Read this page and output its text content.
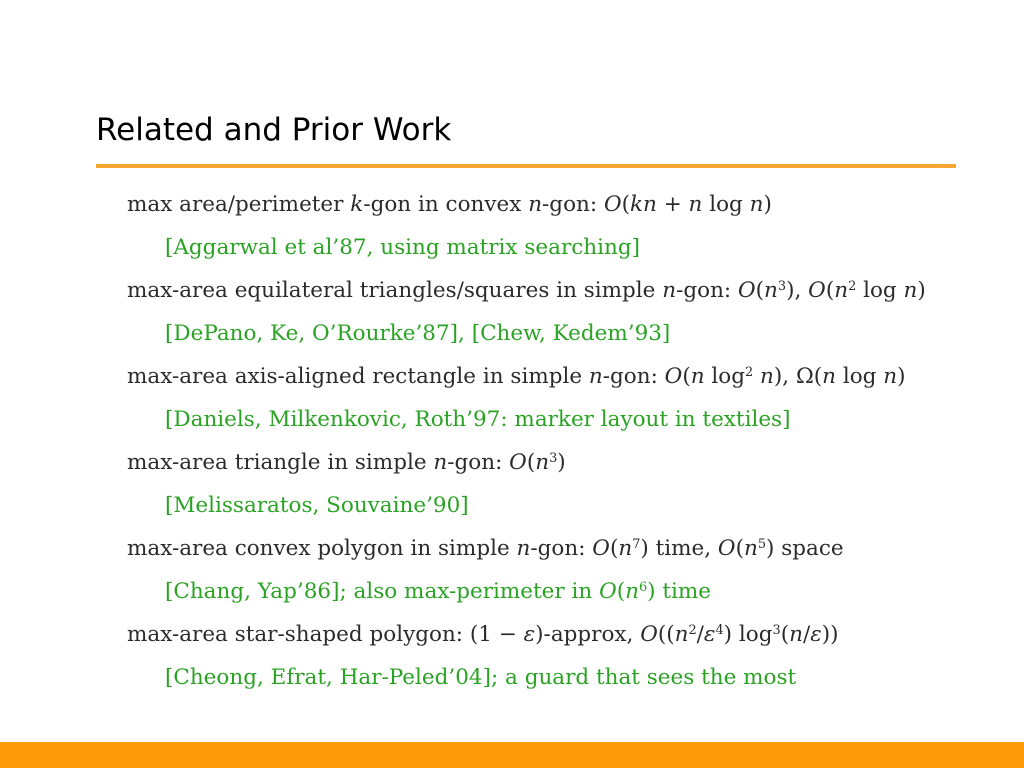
Related and Prior Work
max area/perimeter k-gon in convex n-gon: O(kn + n log n)
[Aggarwal et al’87, using matrix searching]
max-area equilateral triangles/squares in simple n-gon: $O(n^3)$, $O(n^2$ log n)
[DePano, Ke, O’Rourke’87], [Chew, Kedem’93]
max-area axis-aligned rectangle in simple n-gon: O(n $\log^2 n$), Ω(n log n)
[Daniels, Milkenkovic, Roth’97: marker layout in textiles]
max-area triangle in simple n-gon: $O(n^3)$
[Melissaratos, Souvaine’90]
max-area convex polygon in simple n-gon: $O(n^7)$ time, $O(n^5)$ space
[Chang, Yap’86]; also max-perimeter in $O(n^6)$ time
max-area star-shaped polygon: (1 − ε)-approx, $O((n^2/\varepsilon^4)$ $\log^3(n/\varepsilon)$)
[Cheong, Efrat, Har-Peled’04]; a guard that sees the most
